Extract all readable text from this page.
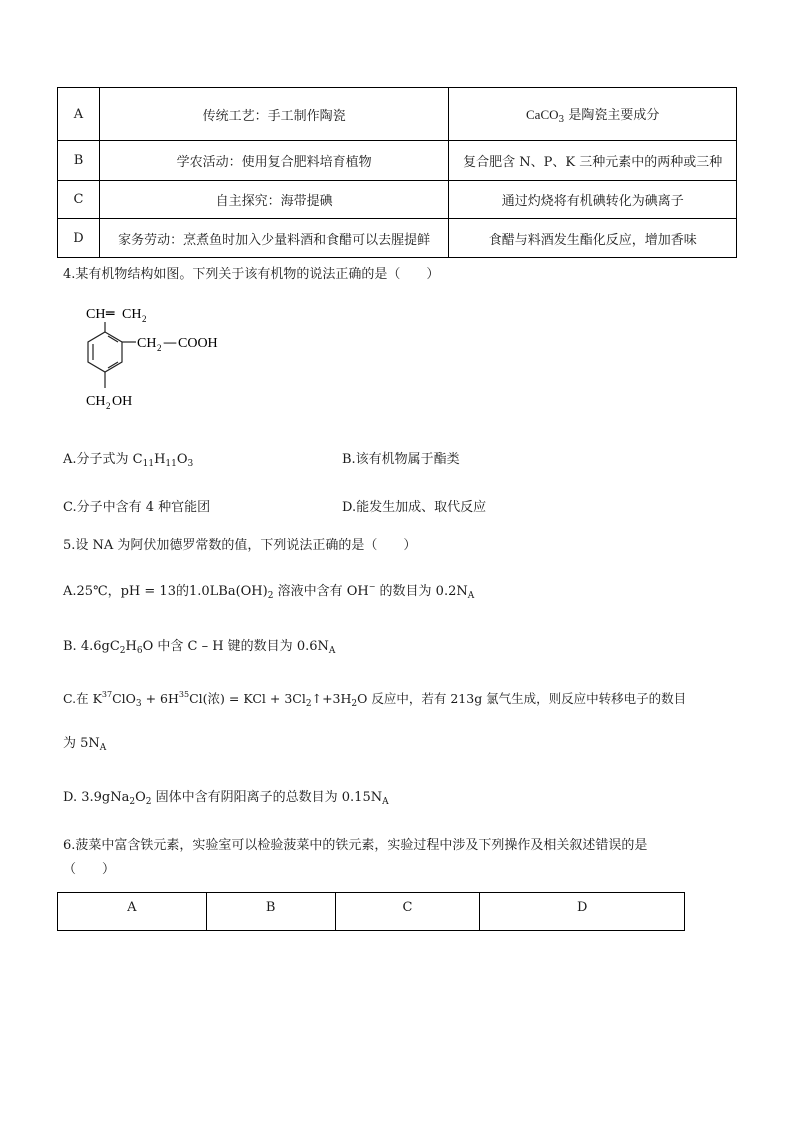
A	传统工艺：手工制作陶瓷	CaCO$_3$ 是陶瓷主要成分
B	学农活动：使用复合肥料培育植物	复合肥含 N、P、K 三种元素中的两种或三种
C	自主探究：海带提碘	通过灼烧将有机碘转化为碘离子
D	家务劳动：烹煮鱼时加入少量料酒和食醋可以去腥提鲜	食醋与料酒发生酯化反应，增加香味
4.某有机物结构如图。下列关于该有机物的说法正确的是（　　）
CH ═ CH 2
CH 2 — COOH
CH 2 OH
A.分子式为 $C_{11}H_{11}O_3$	B.该有机物属于酯类
C.分子中含有 4 种官能团	D.能发生加成、取代反应
5.设 NA 为阿伏加德罗常数的值，下列说法正确的是（　　）
A.25℃，pH = 13的$1.0LBa(OH)_2$ 溶液中含有 OH− 的数目为 $0.2N_A$
B. $4.6gC_2H_6O$ 中含 C – H 键的数目为 $0.6N_A$
C.在 $K^{37}ClO_3 + 6H^{35}Cl$(浓) = KCl + $3Cl_2↑+3H_2O$ 反应中，若有 213g 氯气生成，则反应中转移电子的数目
为 $5N_A$
D. $3.9gNa_2O_2$ 固体中含有阴阳离子的总数目为 $0.15N_A$
6.菠菜中富含铁元素，实验室可以检验菠菜中的铁元素，实验过程中涉及下列操作及相关叙述错误的是
（　　）
A	B	C	D
